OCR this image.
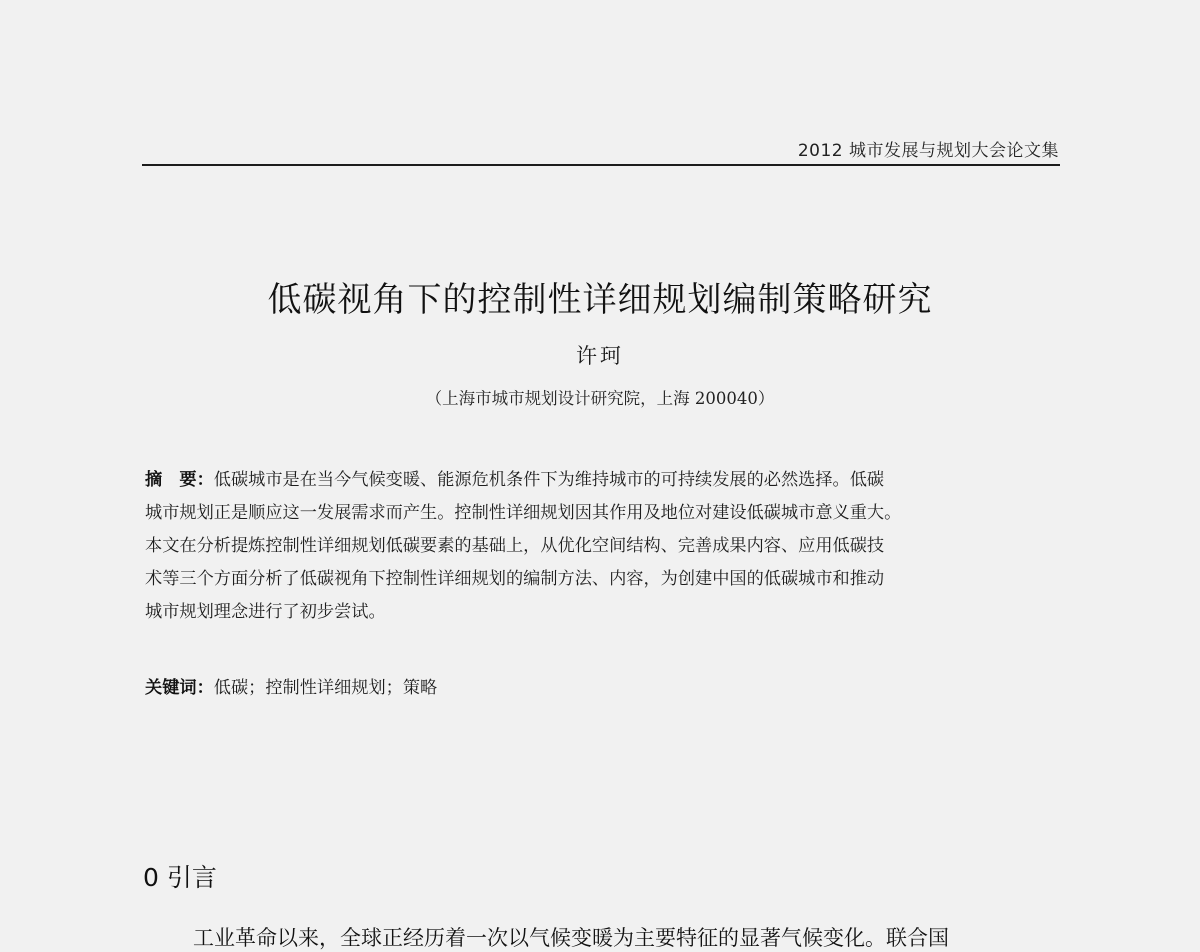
2012 城市发展与规划大会论文集
低碳视角下的控制性详细规划编制策略研究
许珂
（上海市城市规划设计研究院，上海 200040）
摘　要：低碳城市是在当今气候变暖、能源危机条件下为维持城市的可持续发展的必然选择。低碳
城市规划正是顺应这一发展需求而产生。控制性详细规划因其作用及地位对建设低碳城市意义重大。
本文在分析提炼控制性详细规划低碳要素的基础上，从优化空间结构、完善成果内容、应用低碳技
术等三个方面分析了低碳视角下控制性详细规划的编制方法、内容，为创建中国的低碳城市和推动
城市规划理念进行了初步尝试。
关键词：低碳；控制性详细规划；策略
0 引言
工业革命以来，全球正经历着一次以气候变暖为主要特征的显著气候变化。联合国
